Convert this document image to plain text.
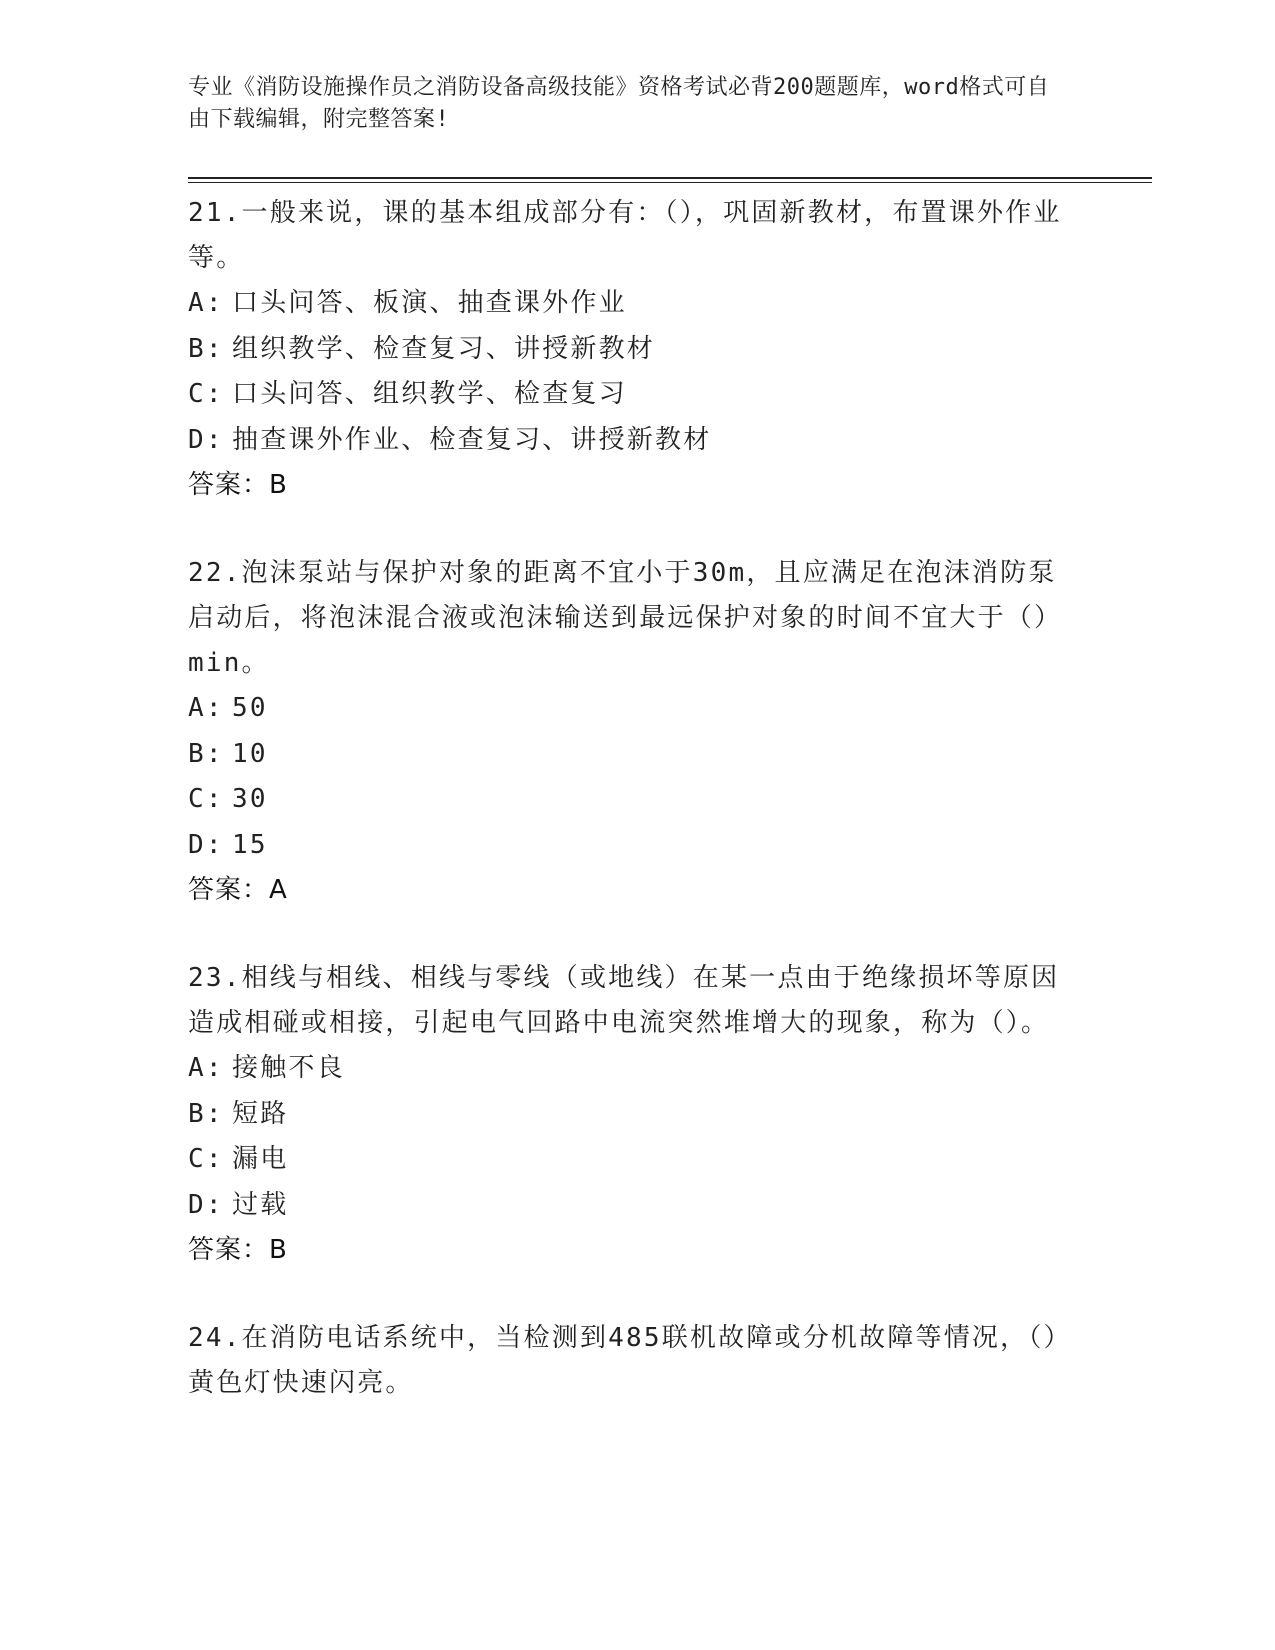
专业《消防设施操作员之消防设备高级技能》资格考试必背200题题库，word格式可自由下载编辑，附完整答案!
21.一般来说，课的基本组成部分有：（），巩固新教材，布置课外作业等。
A: 口头问答、板演、抽查课外作业
B: 组织教学、检查复习、讲授新教材
C: 口头问答、组织教学、检查复习
D: 抽查课外作业、检查复习、讲授新教材
答案：B
22.泡沫泵站与保护对象的距离不宜小于30m，且应满足在泡沫消防泵启动后，将泡沫混合液或泡沫输送到最远保护对象的时间不宜大于（）min。
A: 50
B: 10
C: 30
D: 15
答案：A
23.相线与相线、相线与零线（或地线）在某一点由于绝缘损坏等原因造成相碰或相接，引起电气回路中电流突然堆增大的现象，称为（）。
A: 接触不良
B: 短路
C: 漏电
D: 过载
答案：B
24.在消防电话系统中，当检测到485联机故障或分机故障等情况，（）黄色灯快速闪亮。
